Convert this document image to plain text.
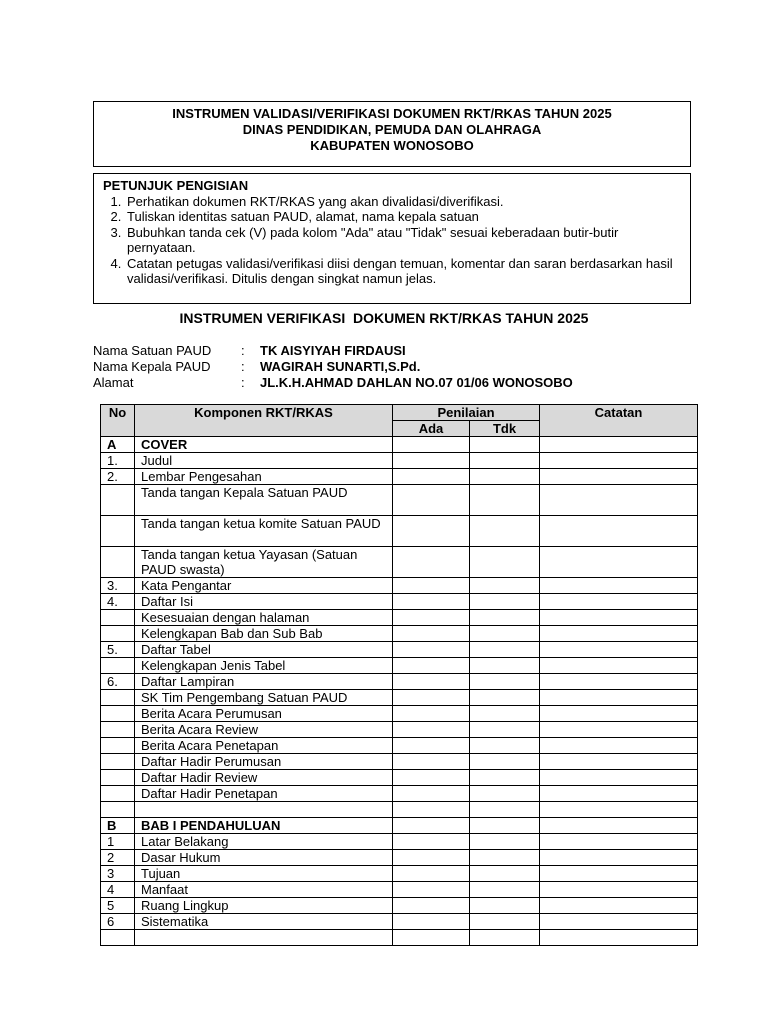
INSTRUMEN VALIDASI/VERIFIKASI DOKUMEN RKT/RKAS TAHUN 2025
DINAS PENDIDIKAN, PEMUDA DAN OLAHRAGA
KABUPATEN WONOSOBO
PETUNJUK PENGISIAN
1. Perhatikan dokumen RKT/RKAS yang akan divalidasi/diverifikasi.
2. Tuliskan identitas satuan PAUD, alamat, nama kepala satuan
3. Bubuhkan tanda cek (V) pada kolom "Ada" atau "Tidak" sesuai keberadaan butir-butir pernyataan.
4. Catatan petugas validasi/verifikasi diisi dengan temuan, komentar dan saran berdasarkan hasil validasi/verifikasi. Ditulis dengan singkat namun jelas.
INSTRUMEN VERIFIKASI  DOKUMEN RKT/RKAS TAHUN 2025
Nama Satuan PAUD	:	TK AISYIYAH FIRDAUSI
Nama Kepala PAUD	:	WAGIRAH SUNARTI,S.Pd.
Alamat	:	JL.K.H.AHMAD DAHLAN NO.07 01/06 WONOSOBO
No	Komponen RKT/RKAS	Penilaian		Catatan
		Ada	Tdk	
A	COVER			
1.	Judul			
2.	Lembar Pengesahan			
	Tanda tangan Kepala Satuan PAUD			
	Tanda tangan ketua komite Satuan PAUD			
	Tanda tangan ketua Yayasan (Satuan PAUD swasta)			
3.	Kata Pengantar			
4.	Daftar Isi			
	Kesesuaian dengan halaman			
	Kelengkapan Bab dan Sub Bab			
5.	Daftar Tabel			
	Kelengkapan Jenis Tabel			
6.	Daftar Lampiran			
	SK Tim Pengembang Satuan PAUD			
	Berita Acara Perumusan			
	Berita Acara Review			
	Berita Acara Penetapan			
	Daftar Hadir Perumusan			
	Daftar Hadir Review			
	Daftar Hadir Penetapan			

B	BAB I PENDAHULUAN			
1	Latar Belakang			
2	Dasar Hukum			
3	Tujuan			
4	Manfaat			
5	Ruang Lingkup			
6	Sistematika			
